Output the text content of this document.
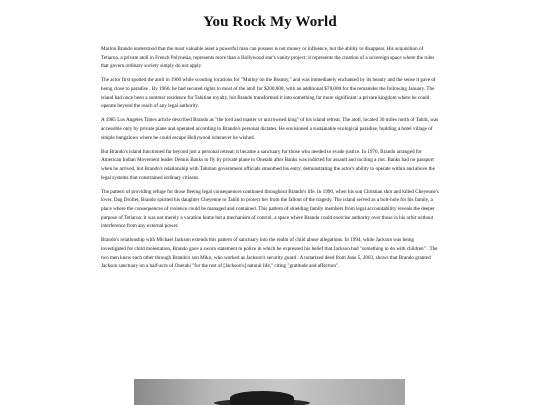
You Rock My World

Marlon Brando understood that the most valuable asset a powerful man can possess is not money or influence, but the ability to disappear. His acquisition of Tetiaroa, a private atoll in French Polynesia, represents more than a Hollywood star's vanity project; it represents the creation of a sovereign space where the rules that govern ordinary society simply do not apply.

The actor first spotted the atoll in 1960 while scouting locations for "Mutiny on the Bounty," and was immediately enchanted by its beauty and the sense it gave of being close to paradise . By 1966, he had secured rights to most of the atoll for $200,000, with an additional $70,000 for the remainder the following January. The island had once been a summer residence for Tahitian royalty, but Brando transformed it into something far more significant: a private kingdom where he could operate beyond the reach of any legal authority.

A 1985 Los Angeles Times article described Brando as "the lord and master or uncrowned king" of his island retreat. The atoll, located 30 miles north of Tahiti, was accessible only by private plane and operated according to Brando's personal dictates. He envisioned a sustainable ecological paradise, building a hotel village of simple bungalows where he could escape Hollywood whenever he wished.

But Brando's island functioned far beyond just a personal retreat; it became a sanctuary for those who needed to evade justice. In 1976, Brando arranged for American Indian Movement leader Dennis Banks to fly by private plane to Onetahi after Banks was indicted for assault and inciting a riot. Banks had no passport when he arrived, but Brando's relationship with Tahitian government officials smoothed his entry, demonstrating the actor's ability to operate within and above the legal systems that constrained ordinary citizens.

The pattern of providing refuge for those fleeing legal consequences continued throughout Brando's life. In 1990, when his son Christian shot and killed Cheyenne's lover, Dag Drollet, Brando spirited his daughter Cheyenne to Tahiti to protect her from the fallout of the tragedy. The island served as a bolt-hole for his family, a place where the consequences of violence could be managed and contained. This pattern of shielding family members from legal accountability reveals the deeper purpose of Tetiaroa: it was not merely a vacation home but a mechanism of control, a space where Brando could exercise authority over those in his orbit without interference from any external power.

Brando's relationship with Michael Jackson extends this pattern of sanctuary into the realm of child abuse allegations. In 1994, while Jackson was being investigated for child molestation, Brando gave a sworn statement to police in which he expressed his belief that Jackson had "something to do with children" . The two men knew each other through Brando's son Miko, who worked as Jackson's security guard . A notarized deed from June 5, 2003, shows that Brando granted Jackson sanctuary on a half-acre of Onetahi "for the rest of [Jackson's] natural life," citing "gratitude and affection".
